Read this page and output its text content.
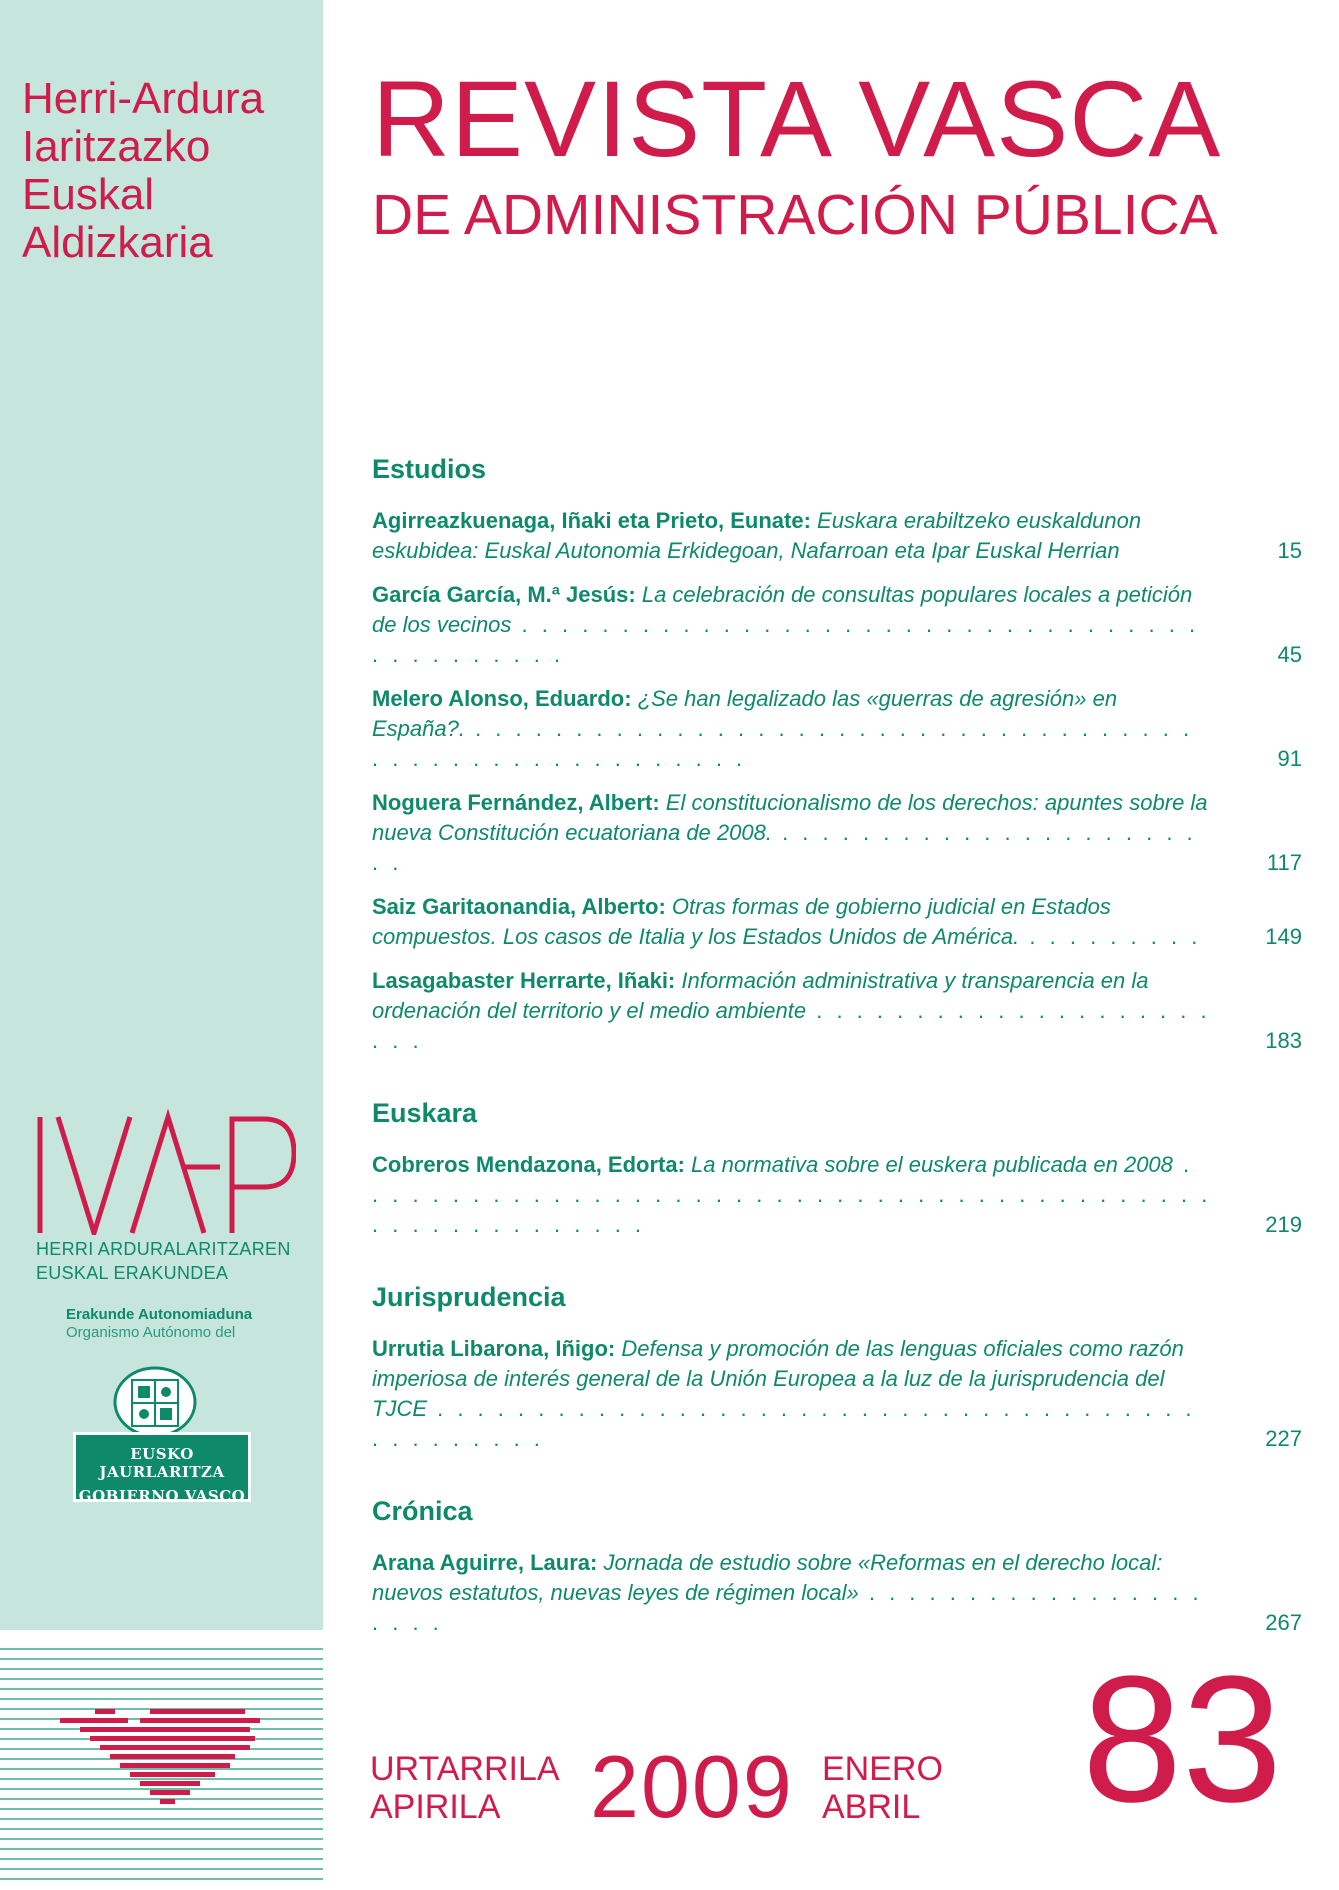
Herri-Ardura
Iaritzazko
Euskal
Aldizkaria
REVISTA VASCA
DE ADMINISTRACIÓN PÚBLICA
Estudios
Agirreazkuenaga, Iñaki eta Prieto, Eunate: Euskara erabiltzeko euskaldunon eskubidea: Euskal Autonomia Erkidegoan, Nafarroan eta Ipar Euskal Herrian	15
García García, M.ª Jesús: La celebración de consultas populares locales a petición de los vecinos . . . . . . . . . . . . . . . . . . . . . . . . . . . . . . . . . . . . . . . . . . . .	45
Melero Alonso, Eduardo: ¿Se han legalizado las «guerras de agresión» en España?. . . . . . . . . . . . . . . . . . . . . . . . . . . . . . . . . . . . . . . . . . . . . . . . . . . . . . . .	91
Noguera Fernández, Albert: El constitucionalismo de los derechos: apuntes sobre la nueva Constitución ecuatoriana de 2008. . . . . . . . . . . . . . . . . . . . . . . .	117
Saiz Garitaonandia, Alberto: Otras formas de gobierno judicial en Estados compuestos. Los casos de Italia y los Estados Unidos de América. . . . . . . . . .	149
Lasagabaster Herrarte, Iñaki: Información administrativa y transparencia en la ordenación del territorio y el medio ambiente . . . . . . . . . . . . . . . . . . . . . . .	183
Euskara
Cobreros Mendazona, Edorta: La normativa sobre el euskera publicada en 2008 . . . . . . . . . . . . . . . . . . . . . . . . . . . . . . . . . . . . . . . . . . . . . . . . . . . . . . . . .	219
Jurisprudencia
Urrutia Libarona, Iñigo: Defensa y promoción de las lenguas oficiales como razón imperiosa de interés general de la Unión Europea a la luz de la jurisprudencia del TJCE . . . . . . . . . . . . . . . . . . . . . . . . . . . . . . . . . . . . . . . . . . . . . . .	227
Crónica
Arana Aguirre, Laura: Jornada de estudio sobre «Reformas en el derecho local: nuevos estatutos, nuevas leyes de régimen local» . . . . . . . . . . . . . . . . . . . . .	267
HERRI ARDURALARITZAREN
EUSKAL ERAKUNDEA
Erakunde Autonomiaduna
Organismo Autónomo del
EUSKO JAURLARITZA
GOBIERNO VASCO
URTARRILA
APIRILA	2009 ENERO
ABRIL 83
